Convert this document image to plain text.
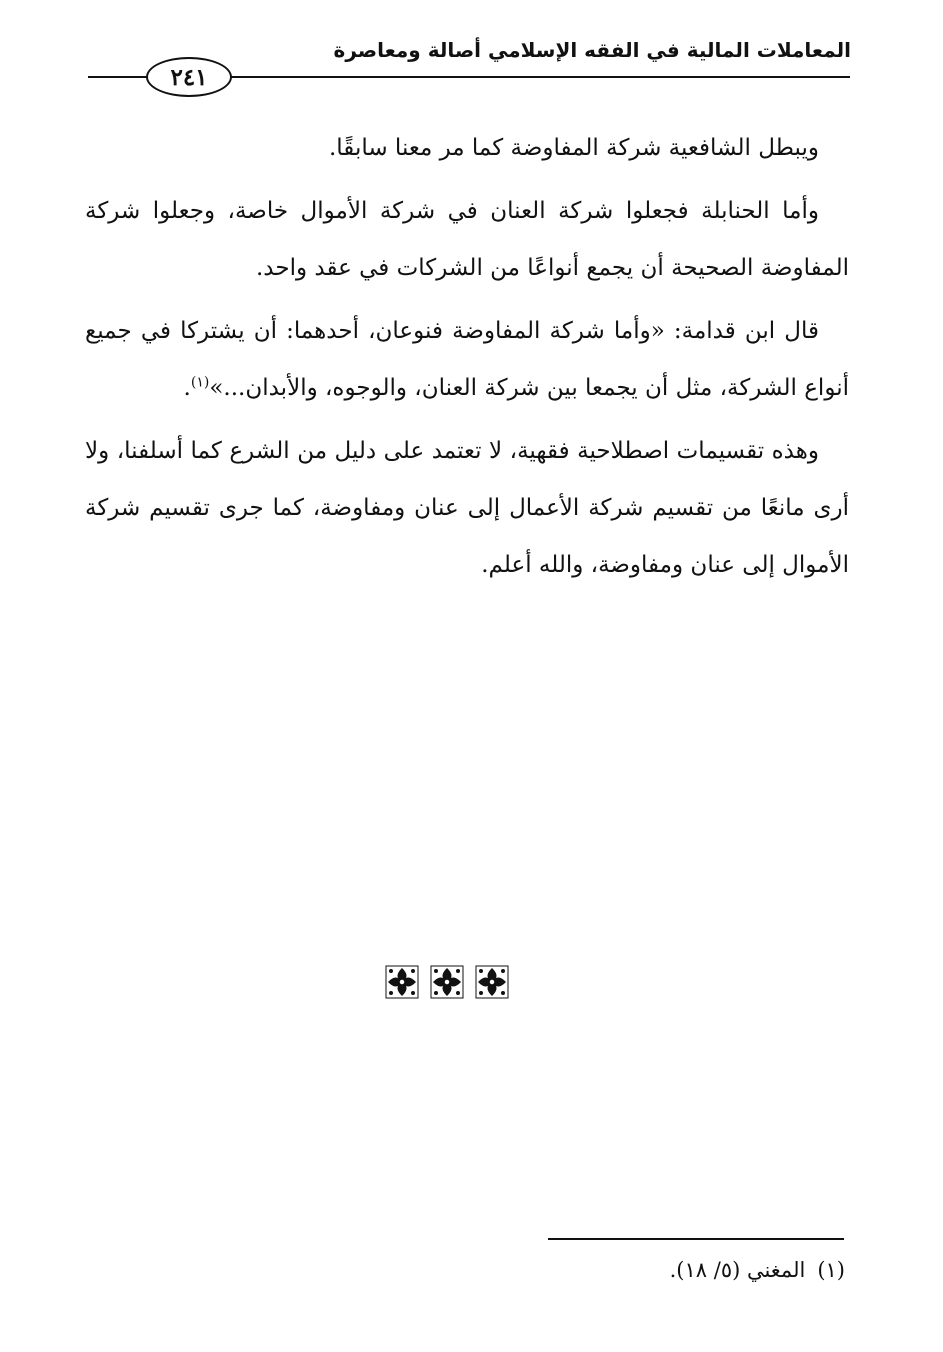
المعاملات المالية في الفقه الإسلامي أصالة ومعاصرة
٢٤١

ويبطل الشافعية شركة المفاوضة كما مر معنا سابقًا.

وأما الحنابلة فجعلوا شركة العنان في شركة الأموال خاصة، وجعلوا شركة المفاوضة الصحيحة أن يجمع أنواعًا من الشركات في عقد واحد.

قال ابن قدامة: «وأما شركة المفاوضة فنوعان، أحدهما: أن يشتركا في جميع أنواع الشركة، مثل أن يجمعا بين شركة العنان، والوجوه، والأبدان...»$^{(١)}$.

وهذه تقسيمات اصطلاحية فقهية، لا تعتمد على دليل من الشرع كما أسلفنا، ولا أرى مانعًا من تقسيم شركة الأعمال إلى عنان ومفاوضة، كما جرى تقسيم شركة الأموال إلى عنان ومفاوضة، والله أعلم.

(١)المغني (٥/ ١٨).
